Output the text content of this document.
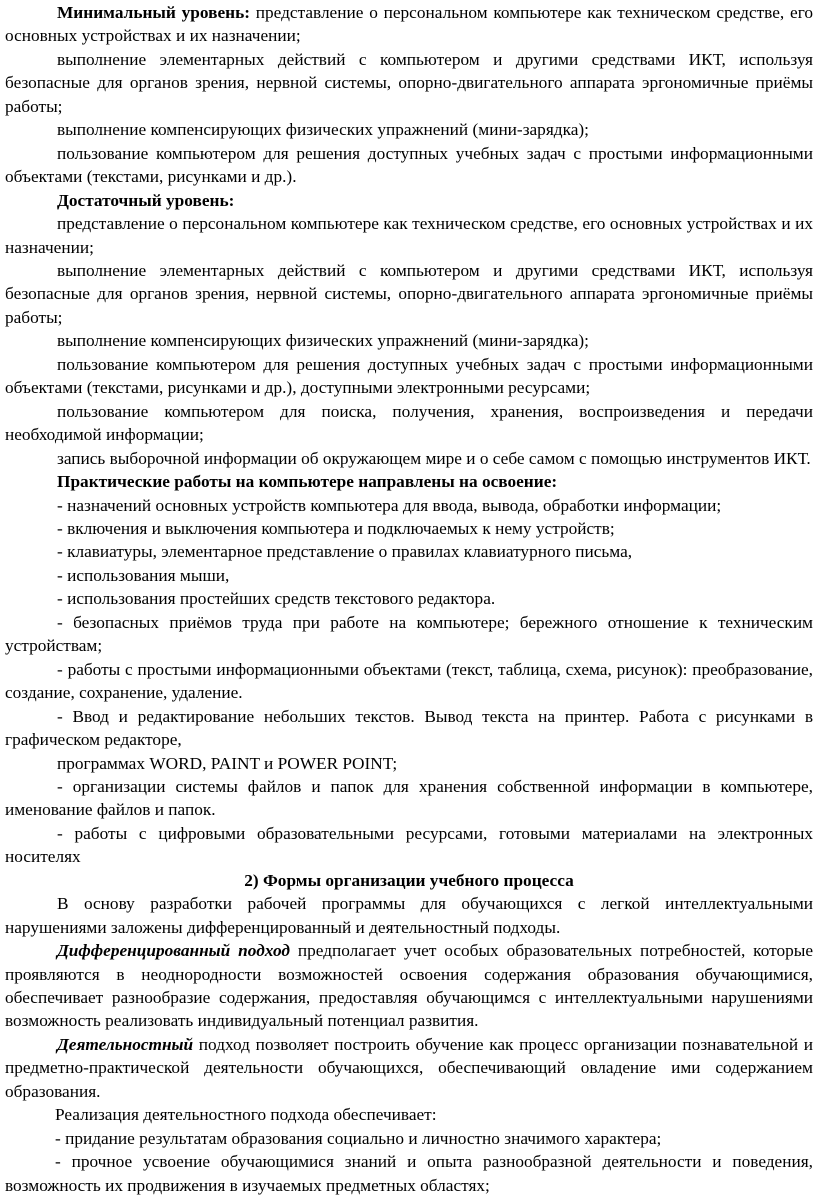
Минимальный уровень: представление о персональном компьютере как техническом средстве, его основных устройствах и их назначении;

выполнение элементарных действий с компьютером и другими средствами ИКТ, используя безопасные для органов зрения, нервной системы, опорно-двигательного аппарата эргономичные приёмы работы;

выполнение компенсирующих физических упражнений (мини-зарядка);

пользование компьютером для решения доступных учебных задач с простыми информационными объектами (текстами, рисунками и др.).

Достаточный уровень:

представление о персональном компьютере как техническом средстве, его основных устройствах и их назначении;

выполнение элементарных действий с компьютером и другими средствами ИКТ, используя безопасные для органов зрения, нервной системы, опорно-двигательного аппарата эргономичные приёмы работы;

выполнение компенсирующих физических упражнений (мини-зарядка);

пользование компьютером для решения доступных учебных задач с простыми информационными объектами (текстами, рисунками и др.), доступными электронными ресурсами;

пользование компьютером для поиска, получения, хранения, воспроизведения и передачи необходимой информации;

запись выборочной информации об окружающем мире и о себе самом с помощью инструментов ИКТ.

Практические работы на компьютере направлены на освоение:

- назначений основных устройств компьютера для ввода, вывода, обработки информации;

- включения и выключения компьютера и подключаемых к нему устройств;

- клавиатуры, элементарное представление о правилах клавиатурного письма,

- использования мыши,

- использования простейших средств текстового редактора.

- безопасных приёмов труда при работе на компьютере; бережного отношение к техническим устройствам;

- работы с простыми информационными объектами (текст, таблица, схема, рисунок): преобразование, создание, сохранение, удаление.

- Ввод и редактирование небольших текстов. Вывод текста на принтер. Работа с рисунками в графическом редакторе,

программах WORD, PAINT и POWER POINT;

- организации системы файлов и папок для хранения собственной информации в компьютере, именование файлов и папок.

- работы с цифровыми образовательными ресурсами, готовыми материалами на электронных носителях

2) Формы организации учебного процесса

В основу разработки рабочей программы для обучающихся с легкой интеллектуальными нарушениями заложены дифференцированный и деятельностный подходы.

Дифференцированный подход предполагает учет особых образовательных потребностей, которые проявляются в неоднородности возможностей освоения содержания образования обучающимися, обеспечивает разнообразие содержания, предоставляя обучающимся с интеллектуальными нарушениями возможность реализовать индивидуальный потенциал развития.

Деятельностный подход позволяет построить обучение как процесс организации познавательной и предметно-практической деятельности обучающихся, обеспечивающий овладение ими содержанием образования.

Реализация деятельностного подхода обеспечивает:

- придание результатам образования социально и личностно значимого характера;

- прочное усвоение обучающимися знаний и опыта разнообразной деятельности и поведения, возможность их продвижения в изучаемых предметных областях;
